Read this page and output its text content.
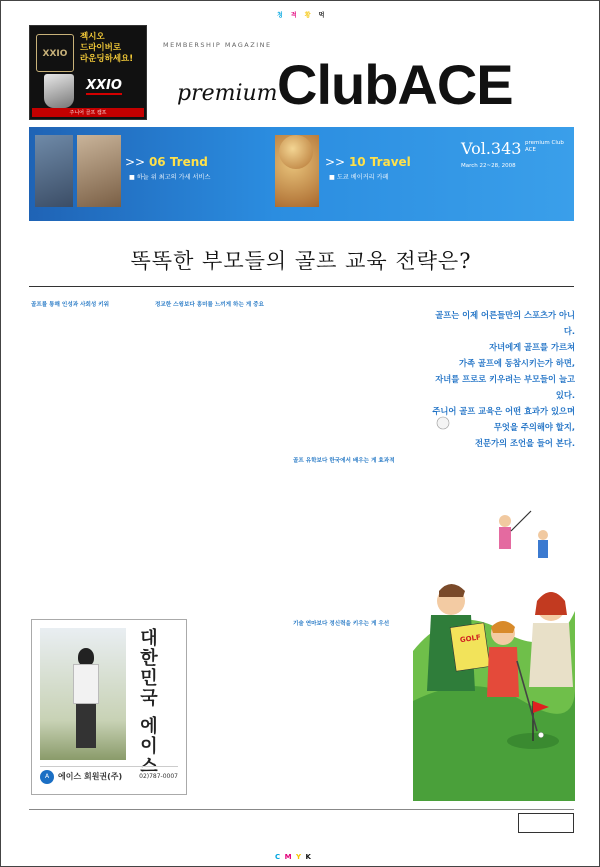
청 적 황 먹
XXIO
젝시오
드라이버로
라운딩하세요!
XXIO
주니어 골프 캠프
MEMBERSHIP MAGAZINE
premium ClubACE
>> 06 Trend
■ 하늘 위 최고의 가세 서비스
>> 10 Travel
■ 도쿄 베이커리 카페
Vol.343 premium Club ACE
March 22~28, 2008
똑똑한 부모들의 골프 교육 전략은?
골프를 통해 인성과 사회성 키워	정교한 스윙보다 흥미를 느끼게 하는 게 중요

골프는 이제 어른들만의 스포츠가 아니다.
자녀에게 골프를 가르쳐
가족 골프에 동참시키는가 하면,
자녀를 프로로 키우려는 부모들이 늘고 있다.
주니어 골프 교육은 어떤 효과가 있으며
무엇을 주의해야 할지,
전문가의 조언을 들어 본다.
골프 유학보다 한국에서 배우는 게 효과적

기술 연마보다 정신력을 키우는 게 우선

대한민국 에이스
A	에이스 회원권(주)	02)787-0007
GOLF
C M Y K
